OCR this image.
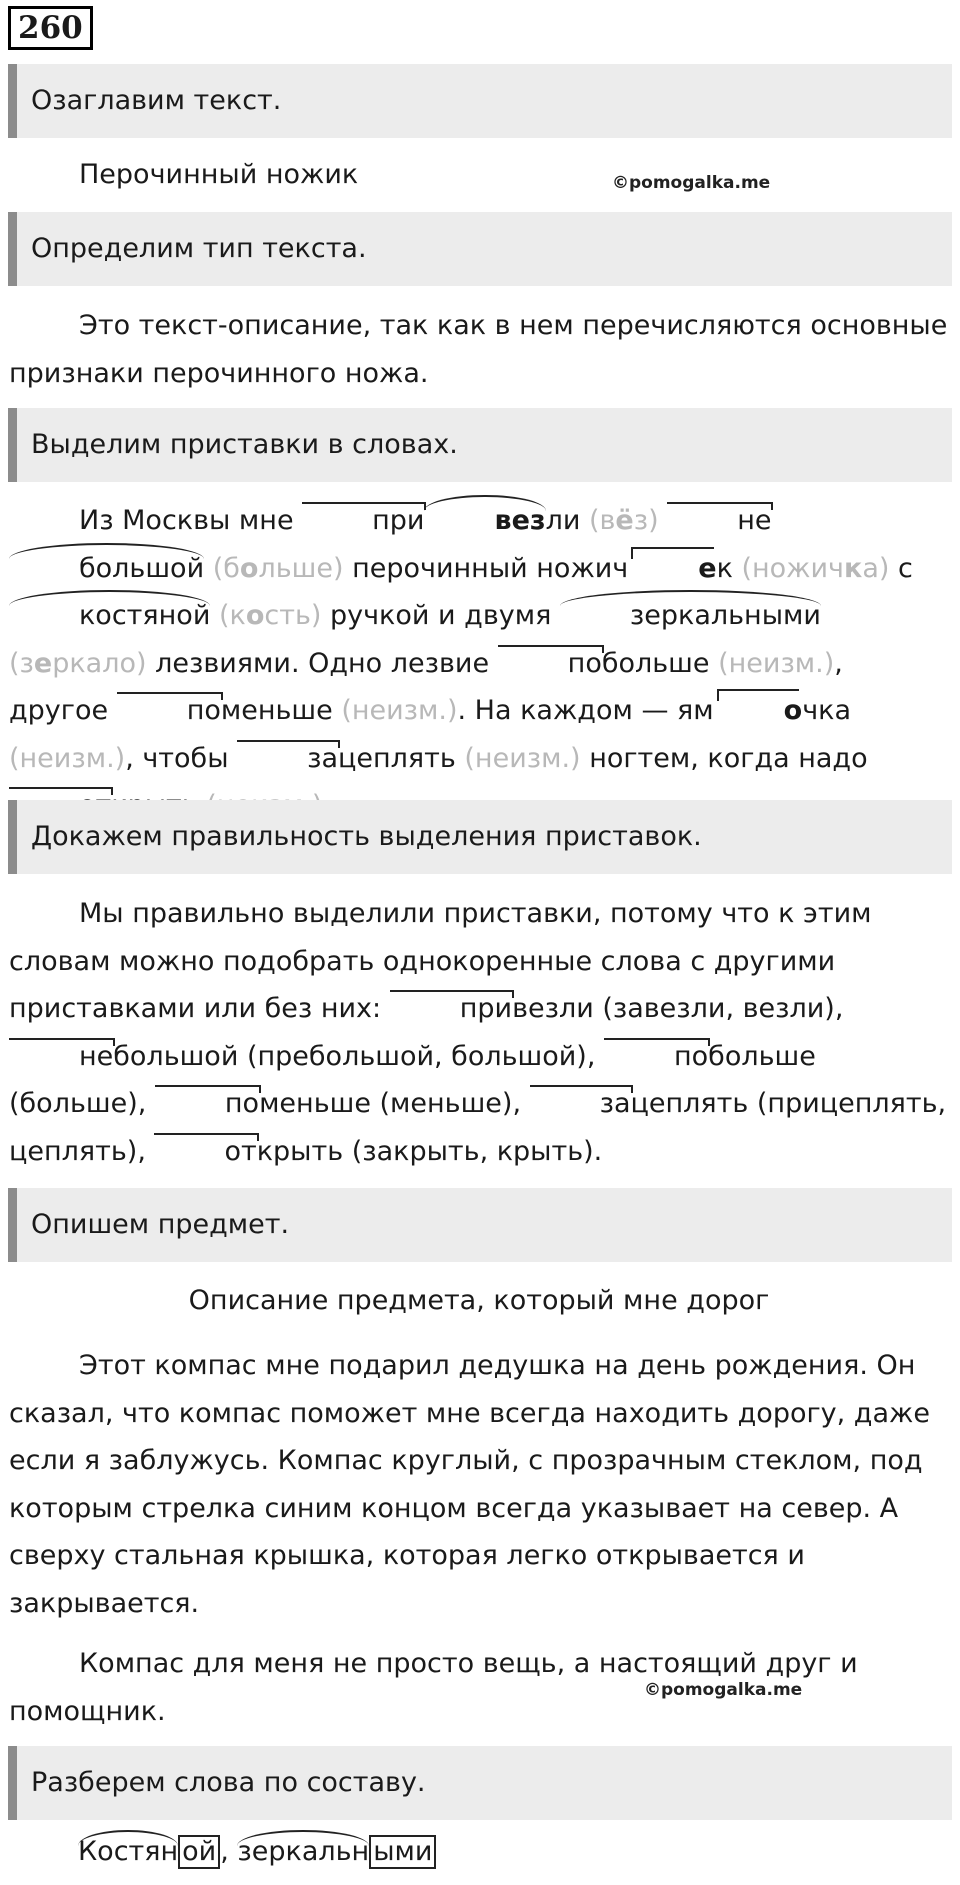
260
Озаглавим текст.
Перочинный ножик	©pomogalka.me
Определим тип текста.
Это текст-описание, так как в нем перечисляются основные признаки перочинного ножа.
Выделим приставки в словах.
Из Москвы мне	при	везли (вёз)	небольшой (больше) перочинный ножич	ек (ножичка) с костяной (кость) ручкой и двумя	зеркальными (зеркало) лезвиями. Одно лезвие	побольше (неизм.), другое	поменьше (неизм.). На каждом — ям	очка (неизм.), чтобы	зацеплять (неизм.) ногтем, когда надо
Докажем правильность выделения приставок.
Мы правильно выделили приставки, потому что к этим словам можно подобрать однокоренные слова с другими приставками или без них:	привезли (завезли, везли), небольшой (пребольшой, большой),	побольше (больше),	поменьше (меньше),	зацеплять (прицеплять, цеплять),	открыть (закрыть, крыть).
Опишем предмет.
Описание предмета, который мне дорог
Этот компас мне подарил дедушка на день рождения. Он сказал, что компас поможет мне всегда находить дорогу, даже если я заблужусь. Компас круглый, с прозрачным стеклом, под которым стрелка синим концом всегда указывает на север. А сверху стальная крышка, которая легко открывается и закрывается.
Компас для меня не просто вещь, а настоящий друг и помощник.
©pomogalka.me
Разберем слова по составу.
Костян ой , зеркальн ыми
